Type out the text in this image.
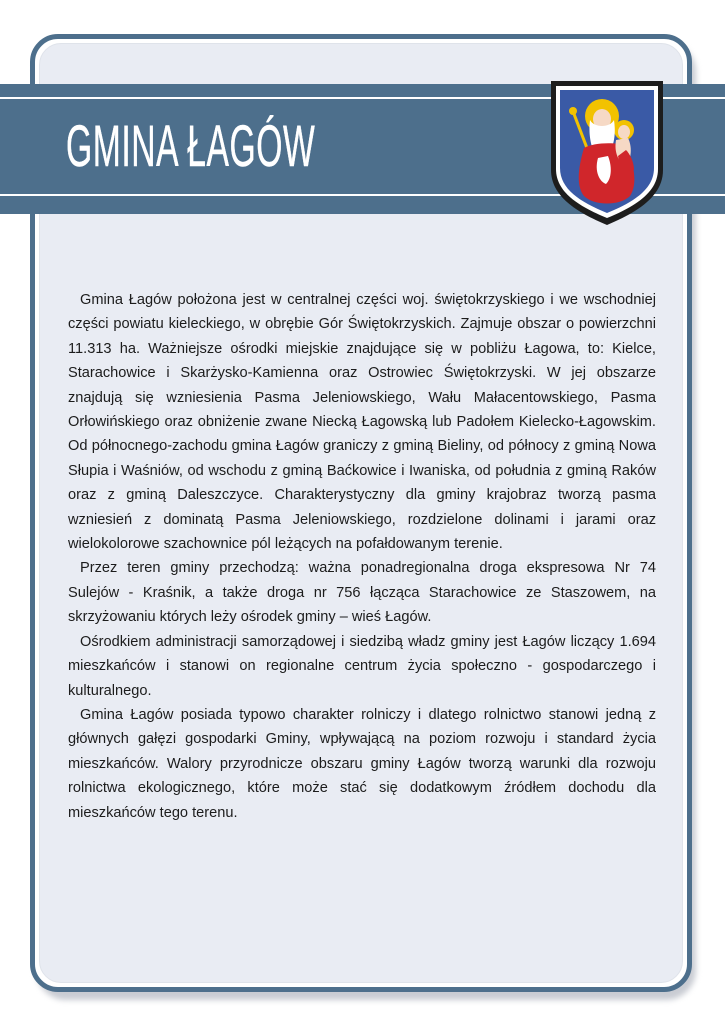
GMINA ŁAGÓW

Gmina Łagów położona jest w centralnej części woj. świętokrzyskiego i we wschodniej części powiatu kieleckiego, w obrębie Gór Świętokrzyskich. Zajmuje obszar o powierzchni 11.313 ha. Ważniejsze ośrodki miejskie znajdujące się w pobliżu Łagowa, to: Kielce, Starachowice i Skarżysko-Kamienna oraz Ostrowiec Świętokrzyski. W jej obszarze znajdują się wzniesienia Pasma Jeleniowskiego, Wału Małacentowskiego, Pasma Orłowińskiego oraz obniżenie zwane Niecką Łagowską lub Padołem Kielecko-Łagowskim. Od północnego-zachodu gmina Łagów graniczy z gminą Bieliny, od północy z gminą Nowa Słupia i Waśniów, od wschodu z gminą Baćkowice i Iwaniska, od południa z gminą Raków oraz z gminą Daleszczyce. Charakterystyczny dla gminy krajobraz tworzą pasma wzniesień z dominatą Pasma Jeleniowskiego, rozdzielone dolinami i jarami oraz wielokolorowe szachownice pól leżących na pofałdowanym terenie.

Przez teren gminy przechodzą: ważna ponadregionalna droga ekspresowa Nr 74 Sulejów - Kraśnik, a także droga nr 756 łącząca Starachowice ze Staszowem, na skrzyżowaniu których leży ośrodek gminy – wieś Łagów.

Ośrodkiem administracji samorządowej i siedzibą władz gminy jest Łagów liczący 1.694 mieszkańców i stanowi on regionalne centrum życia społeczno - gospodarczego i kulturalnego.

Gmina Łagów posiada typowo charakter rolniczy i dlatego rolnictwo stanowi jedną z głównych gałęzi gospodarki Gminy, wpływającą na poziom rozwoju i standard życia mieszkańców. Walory przyrodnicze obszaru gminy Łagów tworzą warunki dla rozwoju rolnictwa ekologicznego, które może stać się dodatkowym źródłem dochodu dla mieszkańców tego terenu.
